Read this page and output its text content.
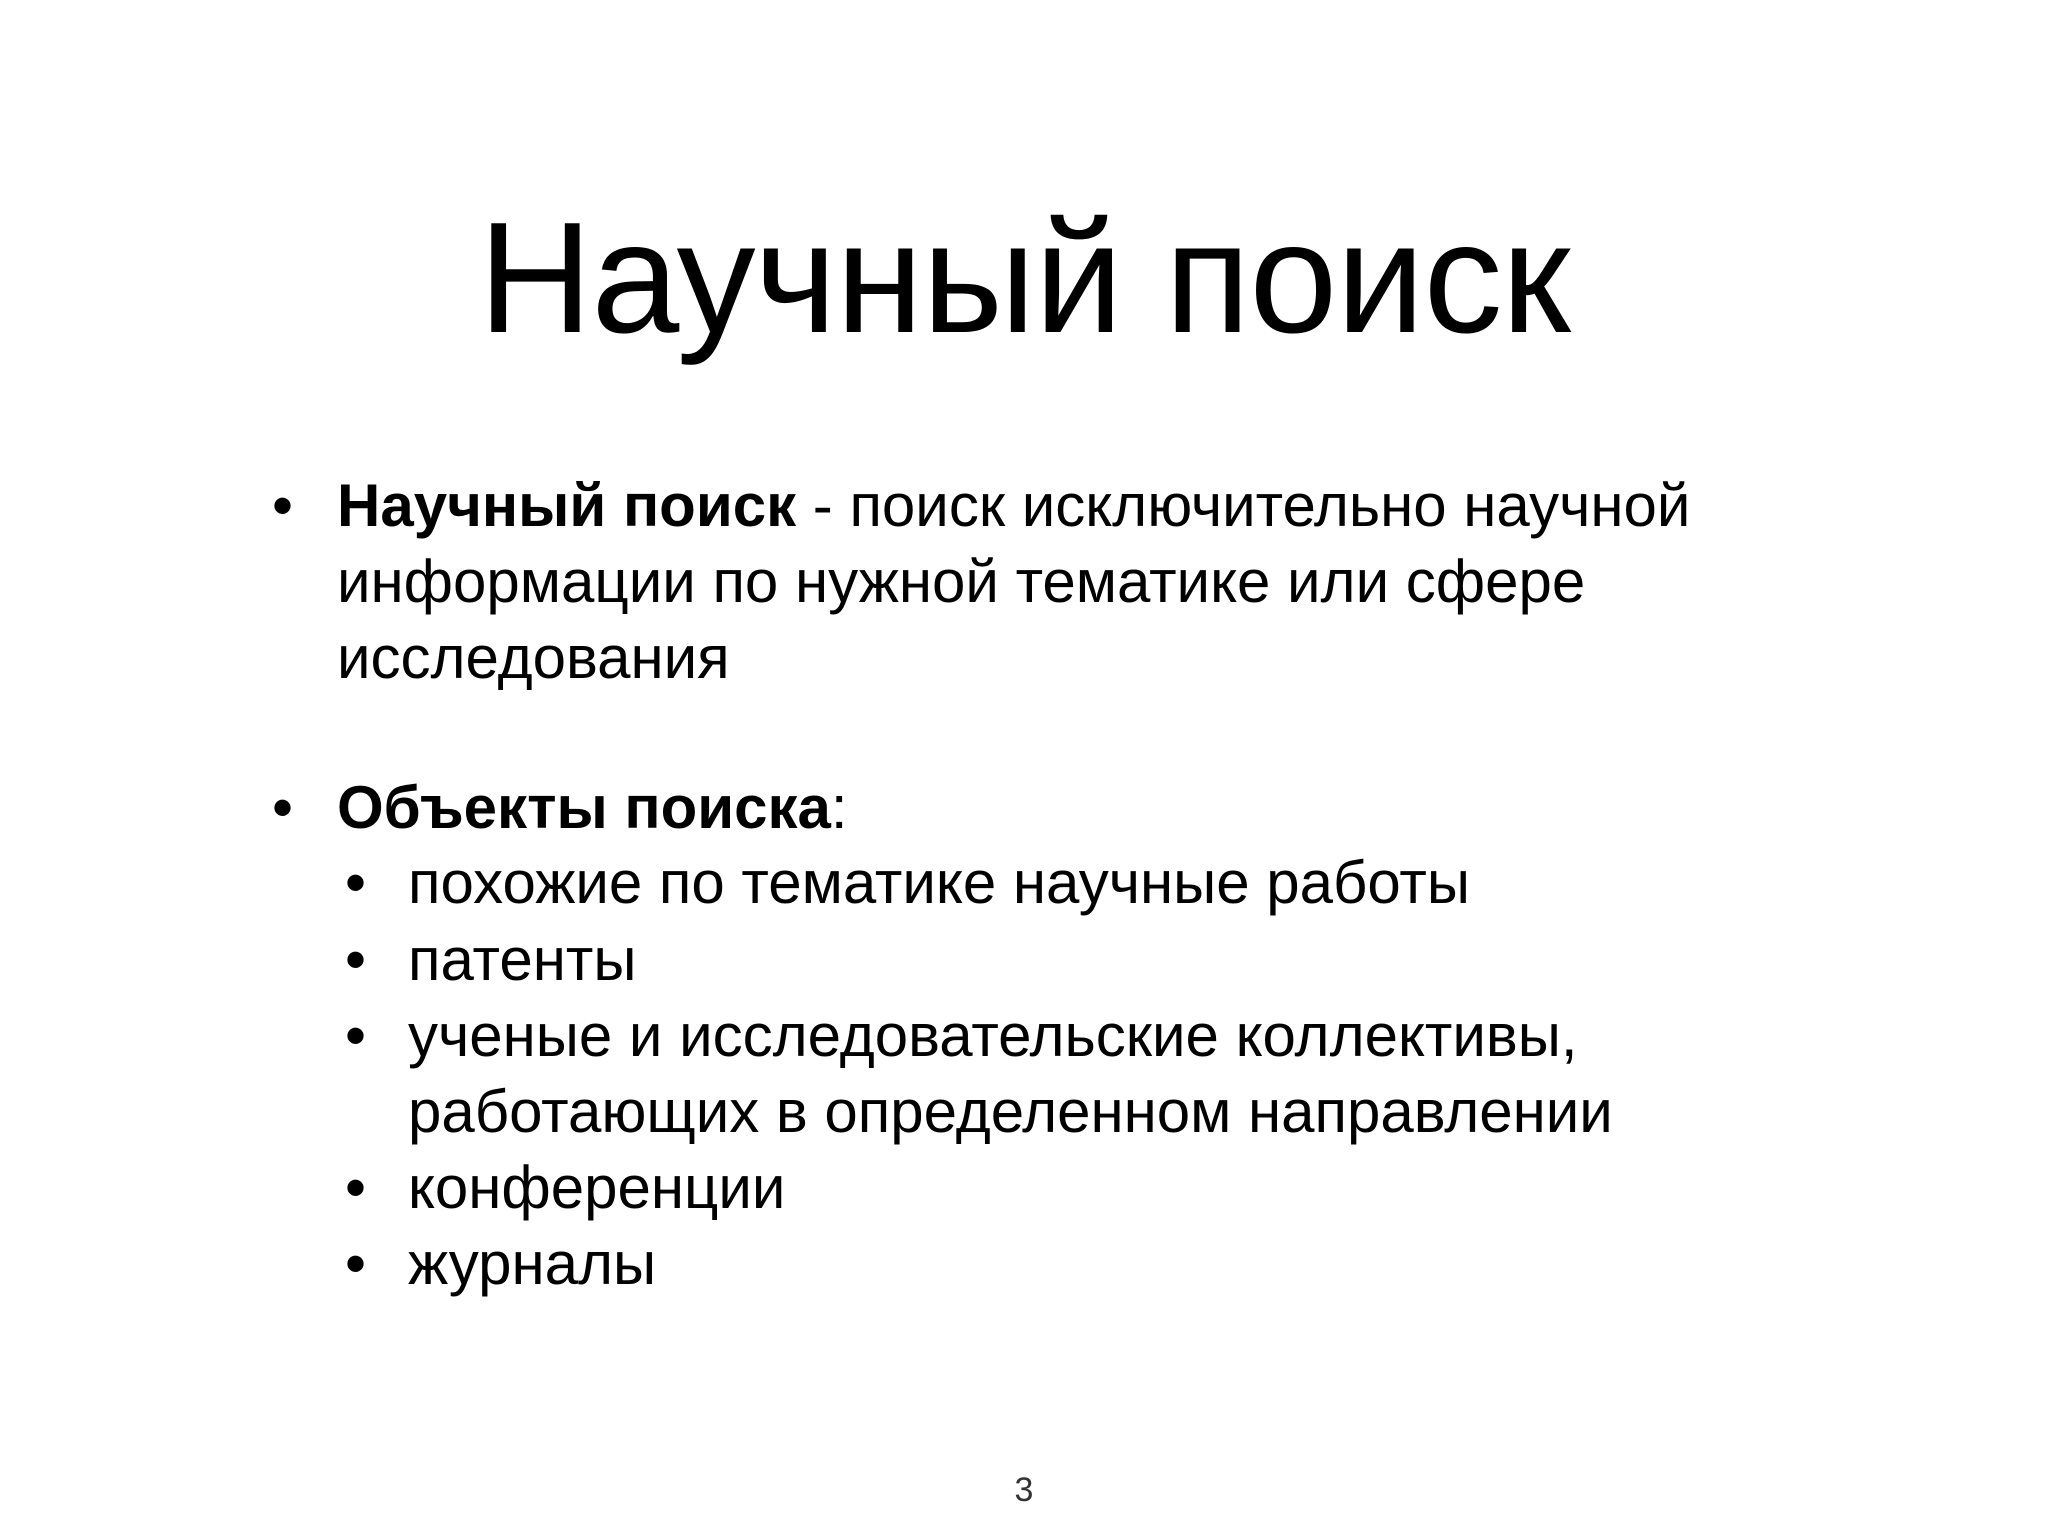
Научный поиск
• Научный поиск - поиск исключительно научной информации по нужной тематике или сфере исследования
• Объекты поиска:
• похожие по тематике научные работы
• патенты
• ученые и исследовательские коллективы, работающих в определенном направлении
• конференции
• журналы
3
